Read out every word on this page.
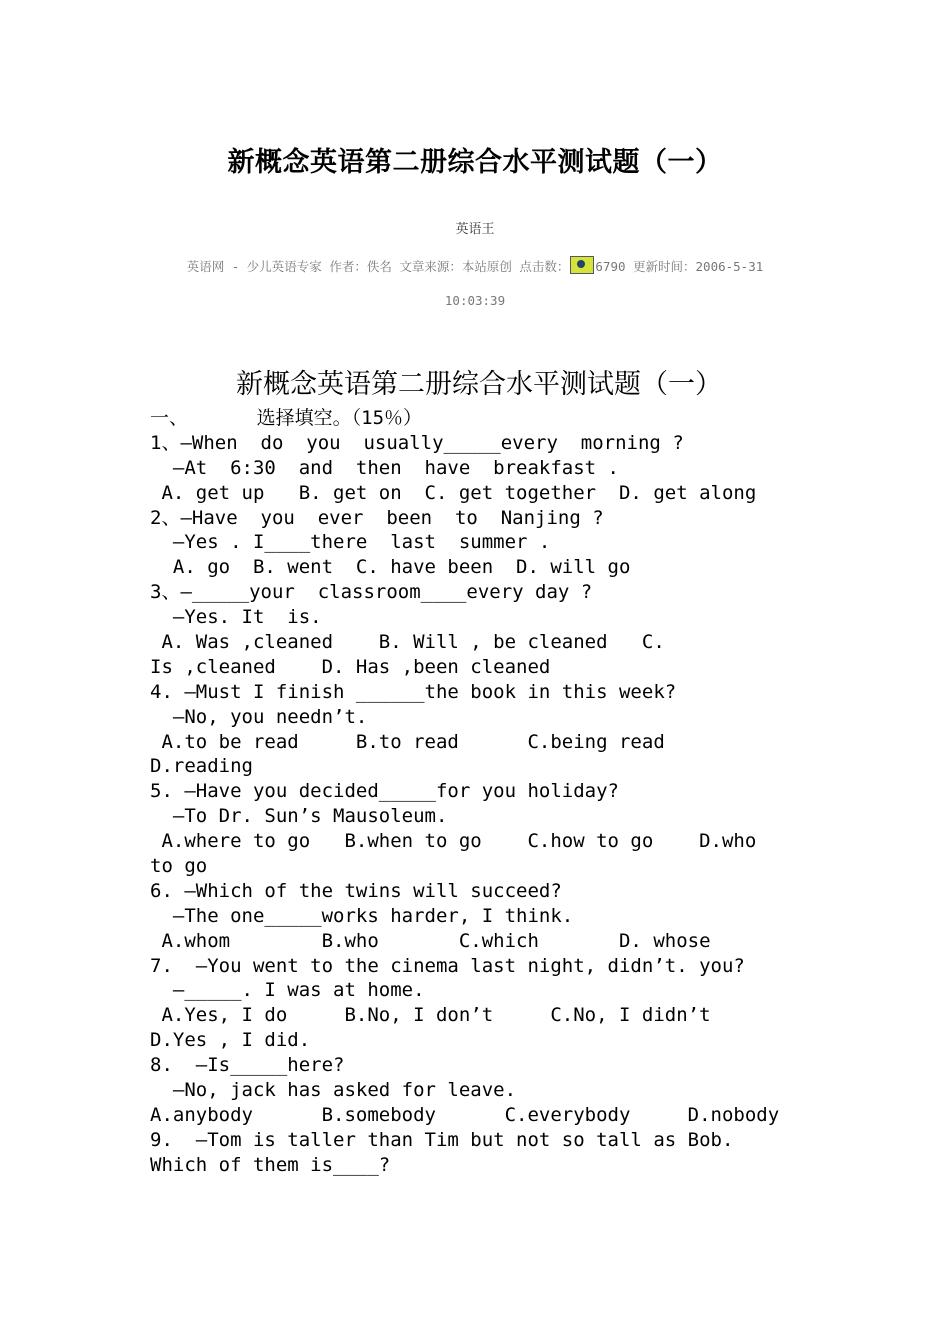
新概念英语第二册综合水平测试题（一）
英语王
英语网 - 少儿英语专家 作者：佚名 文章来源：本站原创 点击数： 6790 更新时间：2006-5-31
10:03:39
新概念英语第二册综合水平测试题（一）
一、      选择填空。（15％）
1、—When  do  you  usually_____every  morning ?
—At  6:30  and  then  have  breakfast .
A. get up   B. get on  C. get together  D. get along
2、—Have  you  ever  been  to  Nanjing ?
—Yes . I____there  last  summer .
A. go  B. went  C. have been  D. will go
3、—_____your  classroom____every day ?
—Yes. It  is.
A. Was ,cleaned    B. Will , be cleaned   C.
Is ,cleaned    D. Has ,been cleaned
4. —Must I finish ______the book in this week?
—No, you needn’t.
A.to be read     B.to read      C.being read
D.reading
5. —Have you decided_____for you holiday?
—To Dr. Sun’s Mausoleum.
A.where to go   B.when to go    C.how to go    D.who
to go
6. —Which of the twins will succeed?
—The one_____works harder, I think.
A.whom        B.who       C.which       D. whose
7.  —You went to the cinema last night, didn’t. you?
—_____. I was at home.
A.Yes, I do     B.No, I don’t     C.No, I didn’t
D.Yes , I did.
8.  —Is_____here?
—No, jack has asked for leave.
A.anybody      B.somebody      C.everybody     D.nobody
9.  —Tom is taller than Tim but not so tall as Bob.
Which of them is____?
